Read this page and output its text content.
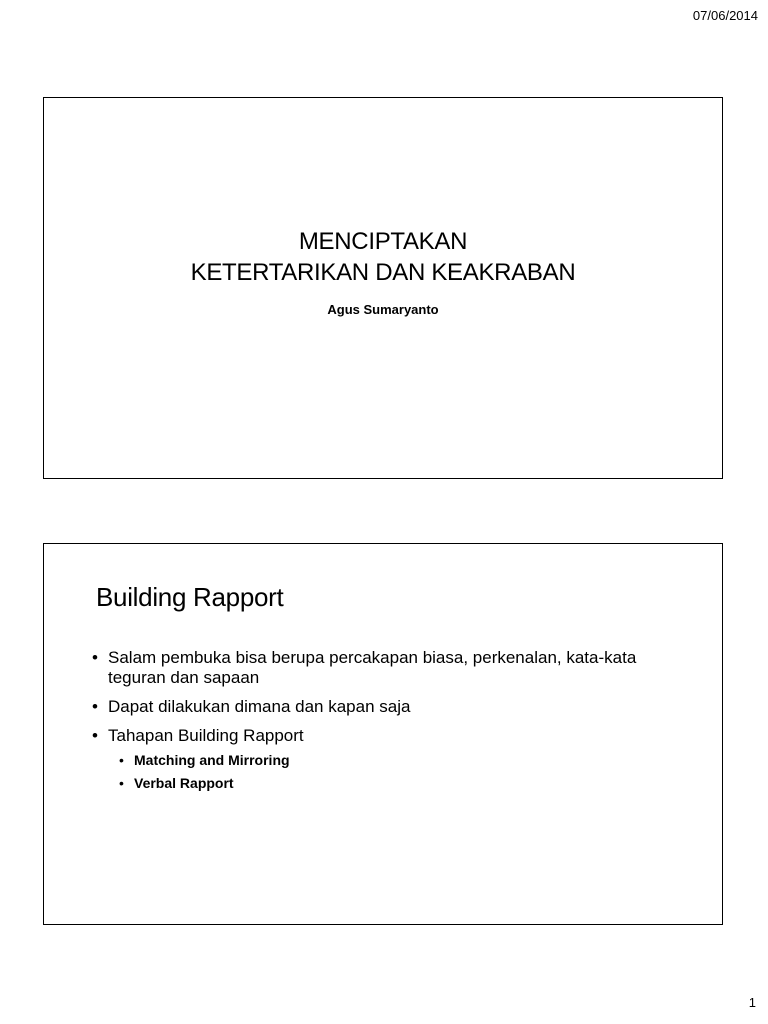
07/06/2014
MENCIPTAKAN
KETERTARIKAN DAN KEAKRABAN
Agus Sumaryanto
Building Rapport
• Salam pembuka bisa berupa percakapan biasa, perkenalan, kata-kata teguran dan sapaan
• Dapat dilakukan dimana dan kapan saja
• Tahapan Building Rapport
• Matching and Mirroring
• Verbal Rapport
1
